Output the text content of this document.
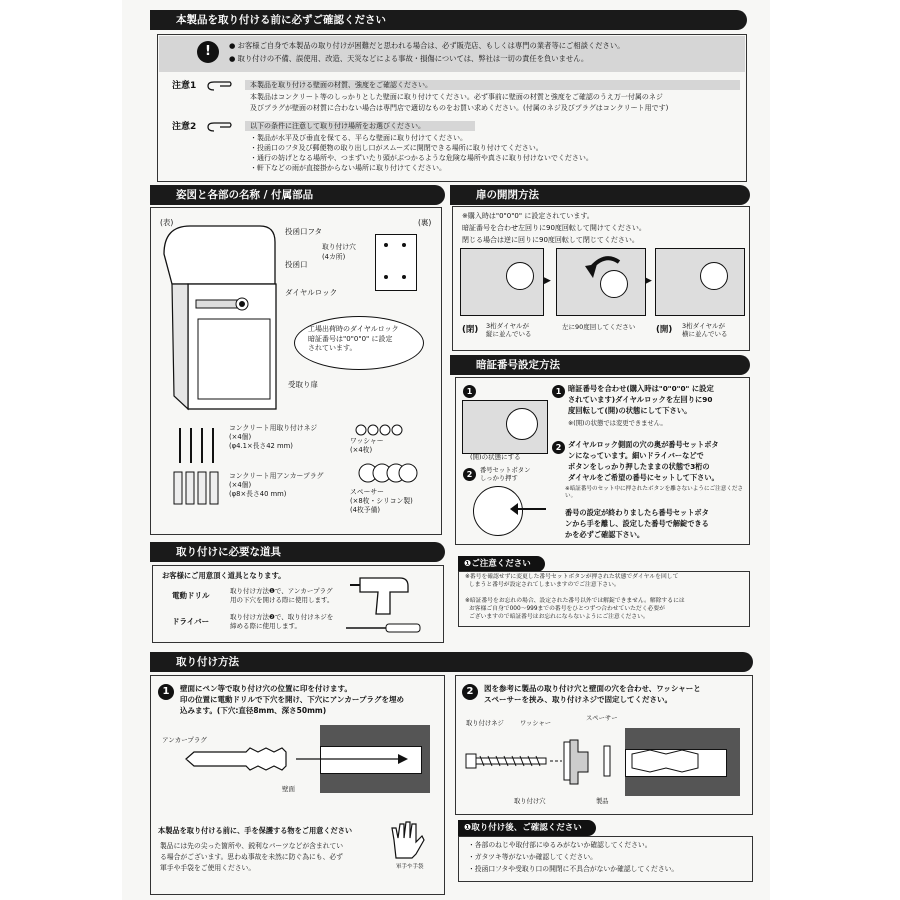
本製品を取り付ける前に必ずご確認ください
!	● お客様ご自身で本製品の取り付けが困難だと思われる場合は、必ず販売店、もしくは専門の業者等にご相談ください。
● 取り付けの不備、誤使用、改造、天災などによる事故・損傷については、弊社は一切の責任を負いません。
注意1	本製品を取り付ける壁面の材質、強度をご確認ください。
本製品はコンクリート等のしっかりとした壁面に取り付けてください。必ず事前に壁面の材質と強度をご確認のうえ万一付属のネジ
及びプラグが壁面の材質に合わない場合は専門店で適切なものをお買い求めください。(付属のネジ及びプラグはコンクリート用です)
注意2	以下の条件に注意して取り付け場所をお選びください。
・製品が水平及び垂直を保てる、平らな壁面に取り付けてください。
・投函口のフタ及び郵便物の取り出し口がスムーズに開閉できる場所に取り付けてください。
・通行の妨げとなる場所や、つまずいたり頭がぶつかるような危険な場所や真さに取り付けないでください。
・軒下などの雨が直接掛からない場所に取り付けてください。
姿図と各部の名称 / 付属部品
(表)	(裏)
投函口フタ
投函口
ダイヤルロック
取り付け穴
(4カ所)
工場出荷時のダイヤルロック
暗証番号は"0"0"0" に設定
されています。
受取り扉
コンクリート用取り付けネジ
(×4個)
(φ4.1×長さ42 mm)
ワッシャー
(×4枚)
コンクリート用アンカープラグ
(×4個)
(φ8×長さ40 mm)	スペーサー
(×8枚・シリコン製)
(4枚予備)
扉の開閉方法
※購入時は"0"0"0" に設定されています。
暗証番号を合わせ左回りに90度回転して開けてください。
閉じる場合は逆に回りに90度回転して閉じてください。
▶	▶
(閉) 3桁ダイヤルが
縦に並んでいる
左に90度回してください (開) 3桁ダイヤルが
横に並んでいる
暗証番号設定方法
1
(開)の状態にする
2	番号セットボタン
しっかり押す
1 暗証番号を合わせ(購入時は"0"0"0" に設定
されています)ダイヤルロックを左回りに90
度回転して(開)の状態にして下さい。
※(開)の状態では変更できません。
2 ダイヤルロック側面の穴の奥が番号セットボタ
ンになっています。細いドライバーなどで
ボタンをしっかり押したままの状態で3桁の
ダイヤルをご希望の番号にセットして下さい。
※暗証番号のセット中に押されたボタンを離さないようにご注意ください。
番号の設定が終わりましたら番号セットボタ
ンから手を離し、設定した番号で解錠できる
かを必ずご確認下さい。
❶ご注意ください
※番号を確認せずに変更した番号セットボタンが押された状態でダイヤルを回して
しまうと番号が設定されてしまいますのでご注意下さい。
※暗証番号をお忘れの場合、設定された番号以外では解錠できません。解除するには
お客様ご自身で000〜999までの番号をひとつずつ合わせていただく必要が
ございますので暗証番号はお忘れにならないようにご注意ください。
取り付けに必要な道具
お客様にご用意頂く道具となります。
電動ドリル	取り付け方法❶で、アンカープラグ
用の下穴を開ける際に使用します。
ドライバー	取り付け方法❷で、取り付けネジを
締める際に使用します。
取り付け方法
1	壁面にペン等で取り付け穴の位置に印を付けます。
印の位置に電動ドリルで下穴を開け、下穴にアンカープラグを埋め
込みます。(下穴:直径8mm、深さ50mm)
アンカープラグ
壁面
本製品を取り付ける前に、手を保護する物をご用意ください
製品には先の尖った箇所や、鋭利なパーツなどが含まれてい
る場合がございます。思わぬ事故を未然に防ぐ為にも、必ず
軍手や手袋をご使用ください。	軍手や手袋
2	図を参考に製品の取り付け穴と壁面の穴を合わせ、ワッシャーと
スペーサーを挟み、取り付けネジで固定してください。
取り付けネジ	ワッシャー
スペーサー
取り付け穴	製品
❶取り付け後、ご確認ください
・各部のねじや取付部にゆるみがないか確認してください。
・ガタツキ等がないか確認してください。
・投函口フタや受取り口の開閉に不具合がないか確認してください。
